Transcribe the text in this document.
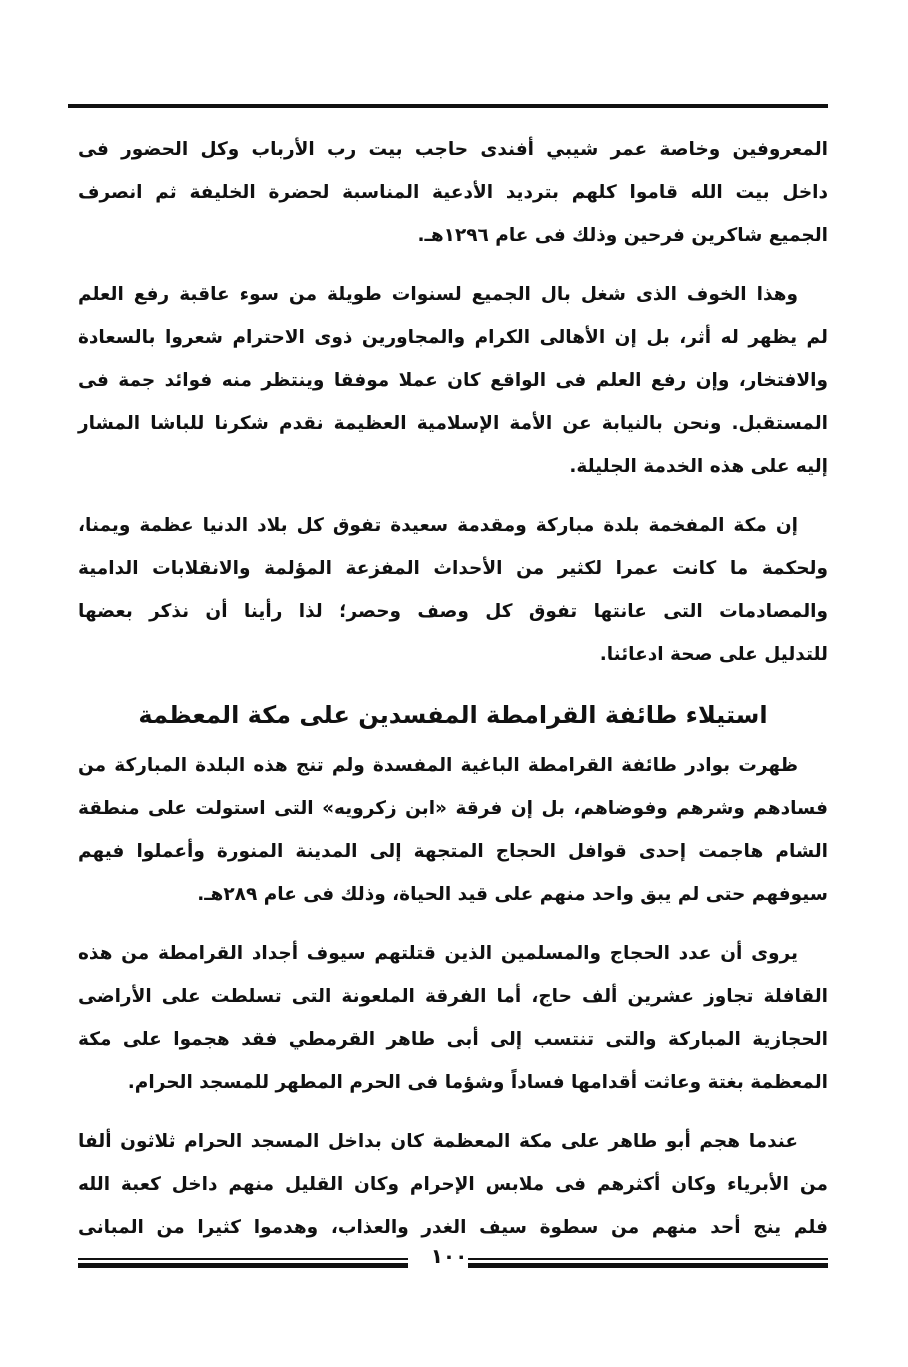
المعروفين وخاصة عمر شيبي أفندى حاجب بيت رب الأرباب وكل الحضور فى
داخل بيت الله قاموا كلهم بترديد الأدعية المناسبة لحضرة الخليفة ثم انصرف
الجميع شاكرين فرحين وذلك فى عام ١٢٩٦هـ.
وهذا الخوف الذى شغل بال الجميع لسنوات طويلة من سوء عاقبة رفع العلم
لم يظهر له أثر، بل إن الأهالى الكرام والمجاورين ذوى الاحترام شعروا بالسعادة
والافتخار، وإن رفع العلم فى الواقع كان عملا موفقا وينتظر منه فوائد جمة فى
المستقبل. ونحن بالنيابة عن الأمة الإسلامية العظيمة نقدم شكرنا للباشا المشار
إليه على هذه الخدمة الجليلة.
إن مكة المفخمة بلدة مباركة ومقدمة سعيدة تفوق كل بلاد الدنيا عظمة ويمنا،
ولحكمة ما كانت عمرا لكثير من الأحداث المفزعة المؤلمة والانقلابات الدامية
والمصادمات التى عانتها تفوق كل وصف وحصر؛ لذا رأينا أن نذكر بعضها
للتدليل على صحة ادعائنا.
استيلاء طائفة القرامطة المفسدين على مكة المعظمة
ظهرت بوادر طائفة القرامطة الباغية المفسدة ولم تنج هذه البلدة المباركة من
فسادهم وشرهم وفوضاهم، بل إن فرقة «ابن زكرويه» التى استولت على منطقة
الشام هاجمت إحدى قوافل الحجاج المتجهة إلى المدينة المنورة وأعملوا فيهم
سيوفهم حتى لم يبق واحد منهم على قيد الحياة، وذلك فى عام ٢٨٩هـ.
يروى أن عدد الحجاج والمسلمين الذين قتلتهم سيوف أجداد القرامطة من هذه
القافلة تجاوز عشرين ألف حاج، أما الفرقة الملعونة التى تسلطت على الأراضى
الحجازية المباركة والتى تنتسب إلى أبى طاهر القرمطي فقد هجموا على مكة
المعظمة بغتة وعاثت أقدامها فساداً وشؤما فى الحرم المطهر للمسجد الحرام.
عندما هجم أبو طاهر على مكة المعظمة كان بداخل المسجد الحرام ثلاثون ألفا
من الأبرياء وكان أكثرهم فى ملابس الإحرام وكان القليل منهم داخل كعبة الله
فلم ينج أحد منهم من سطوة سيف الغدر والعذاب، وهدموا كثيرا من المبانى
١٠٠
